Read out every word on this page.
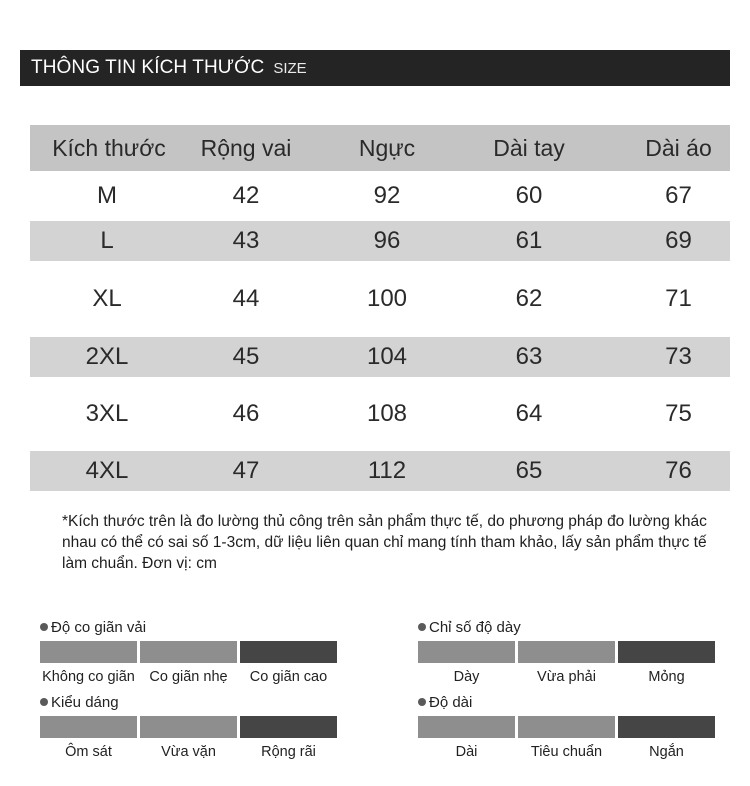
THÔNG TIN KÍCH THƯỚC SIZE
Kích thước	Rộng vai	Ngực	Dài tay	Dài áo
M	42	92	60	67
L	43	96	61	69
XL	44	100	62	71
2XL	45	104	63	73
3XL	46	108	64	75
4XL	47	112	65	76

*Kích thước trên là đo lường thủ công trên sản phẩm thực tế, do phương pháp đo lường khác nhau có thể có sai số 1-3cm, dữ liệu liên quan chỉ mang tính tham khảo, lấy sản phẩm thực tế làm chuẩn. Đơn vị: cm

Độ co giãn vải
Không co giãn	Co giãn nhẹ	Co giãn cao
Kiểu dáng
Ôm sát	Vừa vặn	Rộng rãi
Chỉ số độ dày
Dày	Vừa phải	Mỏng
Độ dài
Dài	Tiêu chuẩn	Ngắn
